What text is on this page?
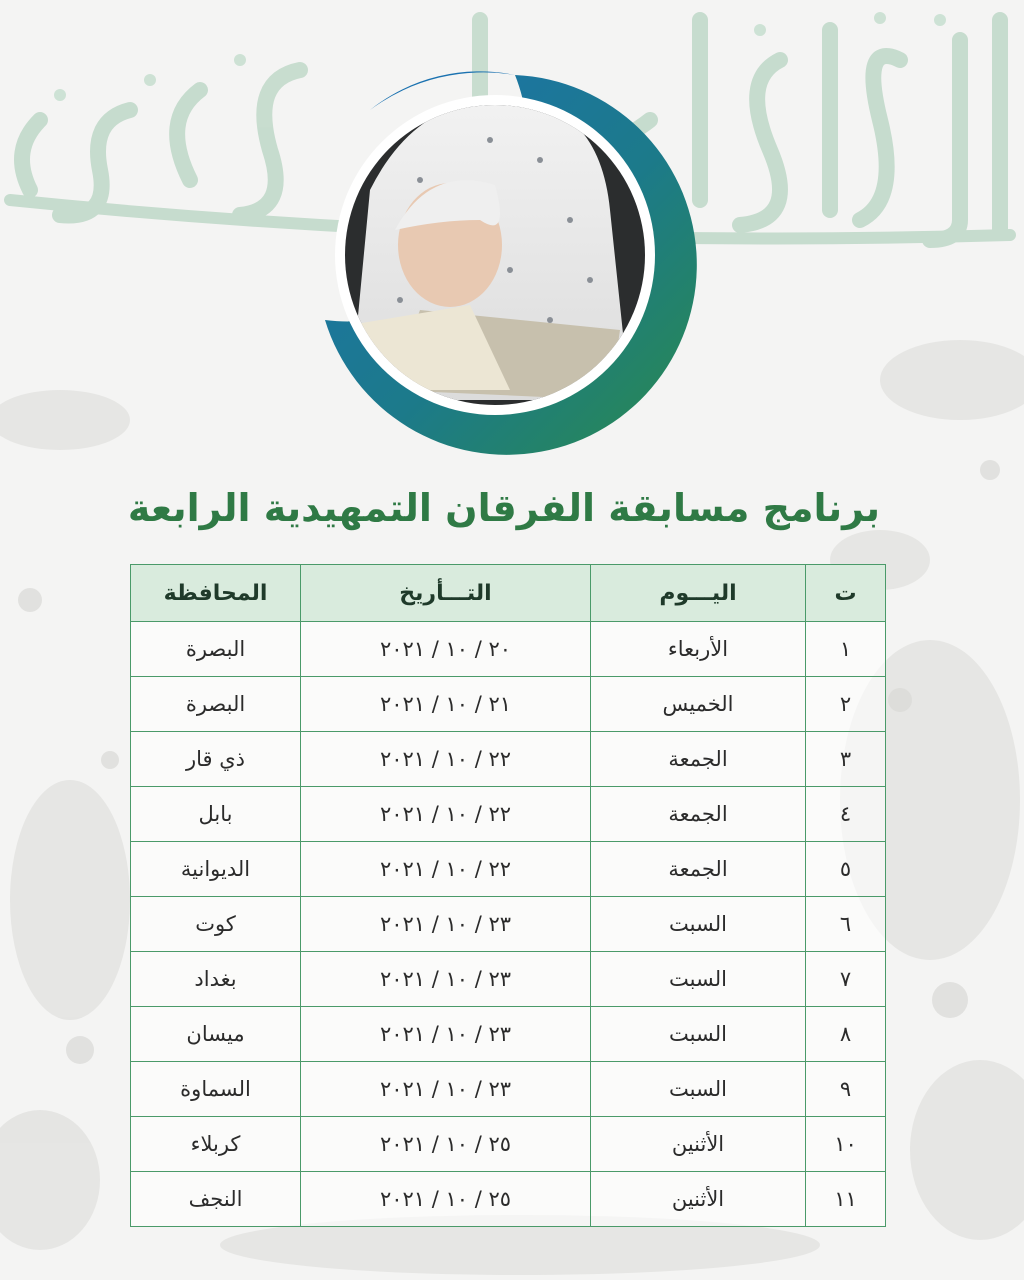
برنامج مسابقة الفرقان التمهيدية الرابعة
ت	اليـــوم	التـــأريخ	المحافظة
١	الأربعاء	٢٠ / ١٠ / ٢٠٢١	البصرة
٢	الخميس	٢١ / ١٠ / ٢٠٢١	البصرة
٣	الجمعة	٢٢ / ١٠ / ٢٠٢١	ذي قار
٤	الجمعة	٢٢ / ١٠ / ٢٠٢١	بابل
٥	الجمعة	٢٢ / ١٠ / ٢٠٢١	الديوانية
٦	السبت	٢٣ / ١٠ / ٢٠٢١	كوت
٧	السبت	٢٣ / ١٠ / ٢٠٢١	بغداد
٨	السبت	٢٣ / ١٠ / ٢٠٢١	ميسان
٩	السبت	٢٣ / ١٠ / ٢٠٢١	السماوة
١٠	الأثنين	٢٥ / ١٠ / ٢٠٢١	كربلاء
١١	الأثنين	٢٥ / ١٠ / ٢٠٢١	النجف
